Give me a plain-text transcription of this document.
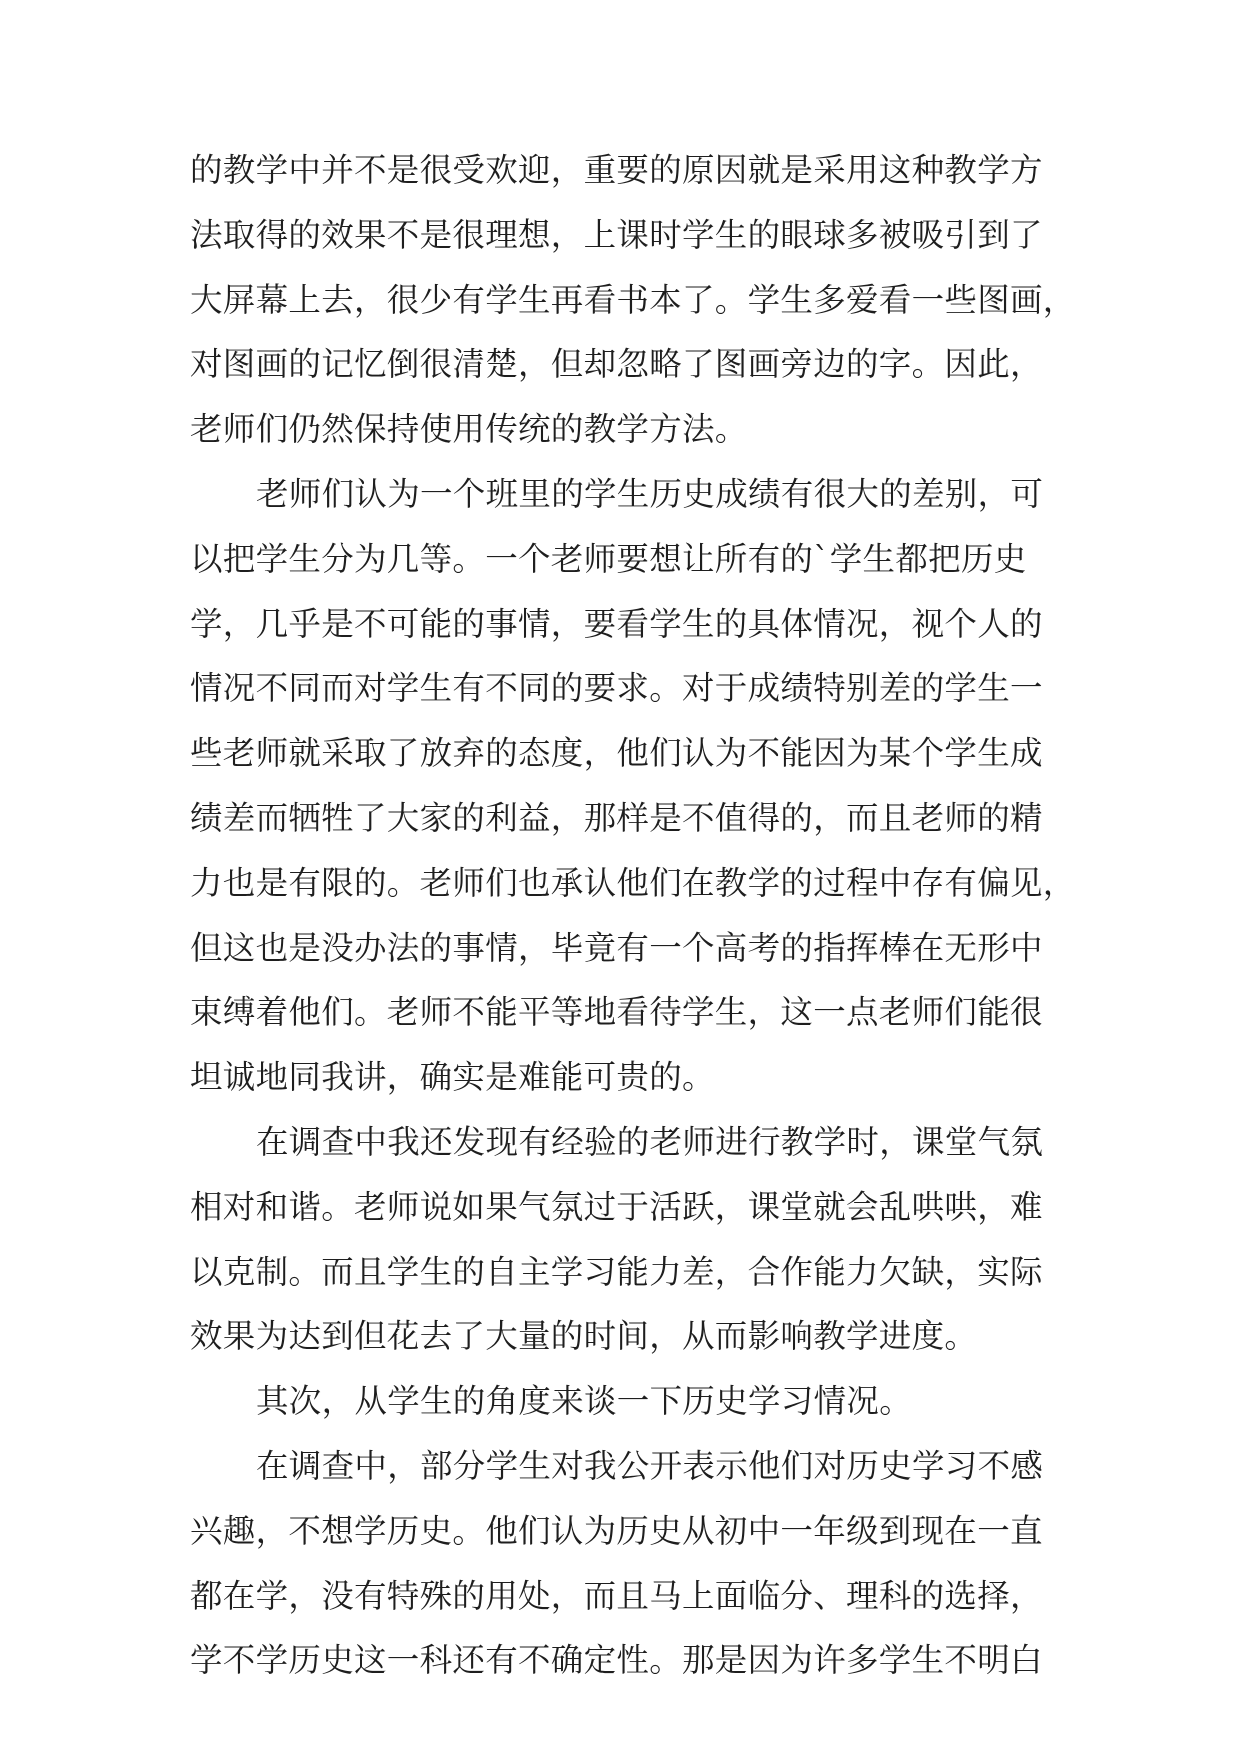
的教学中并不是很受欢迎，重要的原因就是采用这种教学方
法取得的效果不是很理想，上课时学生的眼球多被吸引到了
大屏幕上去，很少有学生再看书本了。学生多爱看一些图画，
对图画的记忆倒很清楚，但却忽略了图画旁边的字。因此，
老师们仍然保持使用传统的教学方法。
老师们认为一个班里的学生历史成绩有很大的差别，可
以把学生分为几等。一个老师要想让所有的`学生都把历史
学，几乎是不可能的事情，要看学生的具体情况，视个人的
情况不同而对学生有不同的要求。对于成绩特别差的学生一
些老师就采取了放弃的态度，他们认为不能因为某个学生成
绩差而牺牲了大家的利益，那样是不值得的，而且老师的精
力也是有限的。老师们也承认他们在教学的过程中存有偏见，
但这也是没办法的事情，毕竟有一个高考的指挥棒在无形中
束缚着他们。老师不能平等地看待学生，这一点老师们能很
坦诚地同我讲，确实是难能可贵的。
在调查中我还发现有经验的老师进行教学时，课堂气氛
相对和谐。老师说如果气氛过于活跃，课堂就会乱哄哄，难
以克制。而且学生的自主学习能力差，合作能力欠缺，实际
效果为达到但花去了大量的时间，从而影响教学进度。
其次，从学生的角度来谈一下历史学习情况。
在调查中，部分学生对我公开表示他们对历史学习不感
兴趣，不想学历史。他们认为历史从初中一年级到现在一直
都在学，没有特殊的用处，而且马上面临分、理科的选择，
学不学历史这一科还有不确定性。那是因为许多学生不明白
